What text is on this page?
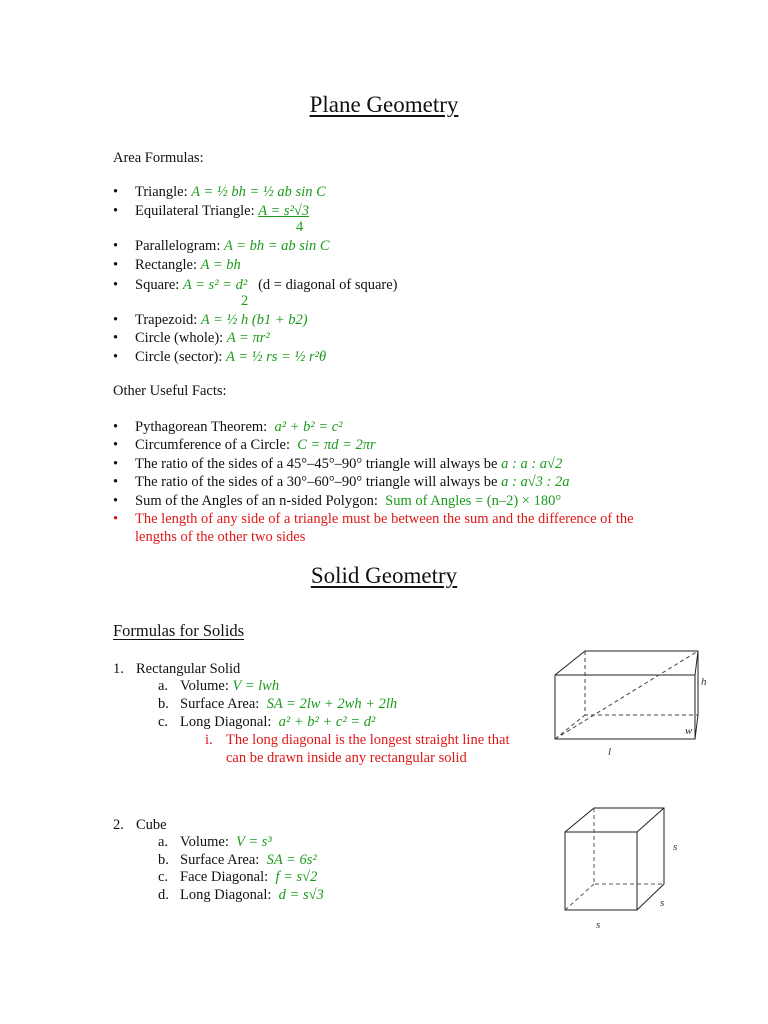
Plane Geometry
Area Formulas:
• Triangle: A = ½ bh = ½ ab sin C
• Equilateral Triangle: A = s²√3
4
• Parallelogram: A = bh = ab sin C
• Rectangle: A = bh
• Square: A = s² = d² (d = diagonal of square)
2
• Trapezoid: A = ½ h (b1 + b2)
• Circle (whole): A = πr²
• Circle (sector): A = ½ rs = ½ r²θ
Other Useful Facts:
• Pythagorean Theorem: a² + b² = c²
• Circumference of a Circle: C = πd = 2πr
• The ratio of the sides of a 45°–45°–90° triangle will always be a : a : a√2
• The ratio of the sides of a 30°–60°–90° triangle will always be a : a√3 : 2a
• Sum of the Angles of an n-sided Polygon: Sum of Angles = (n–2) × 180°
• The length of any side of a triangle must be between the sum and the difference of the lengths of the other two sides
Solid Geometry
Formulas for Solids
1. Rectangular Solid
a. Volume: V = lwh
b. Surface Area: SA = 2lw + 2wh + 2lh
c. Long Diagonal: a² + b² + c² = d²
i. The long diagonal is the longest straight line that can be drawn inside any rectangular solid
h
w
l
2. Cube
a. Volume: V = s³
b. Surface Area: SA = 6s²
c. Face Diagonal: f = s√2
d. Long Diagonal: d = s√3
s
s
s
